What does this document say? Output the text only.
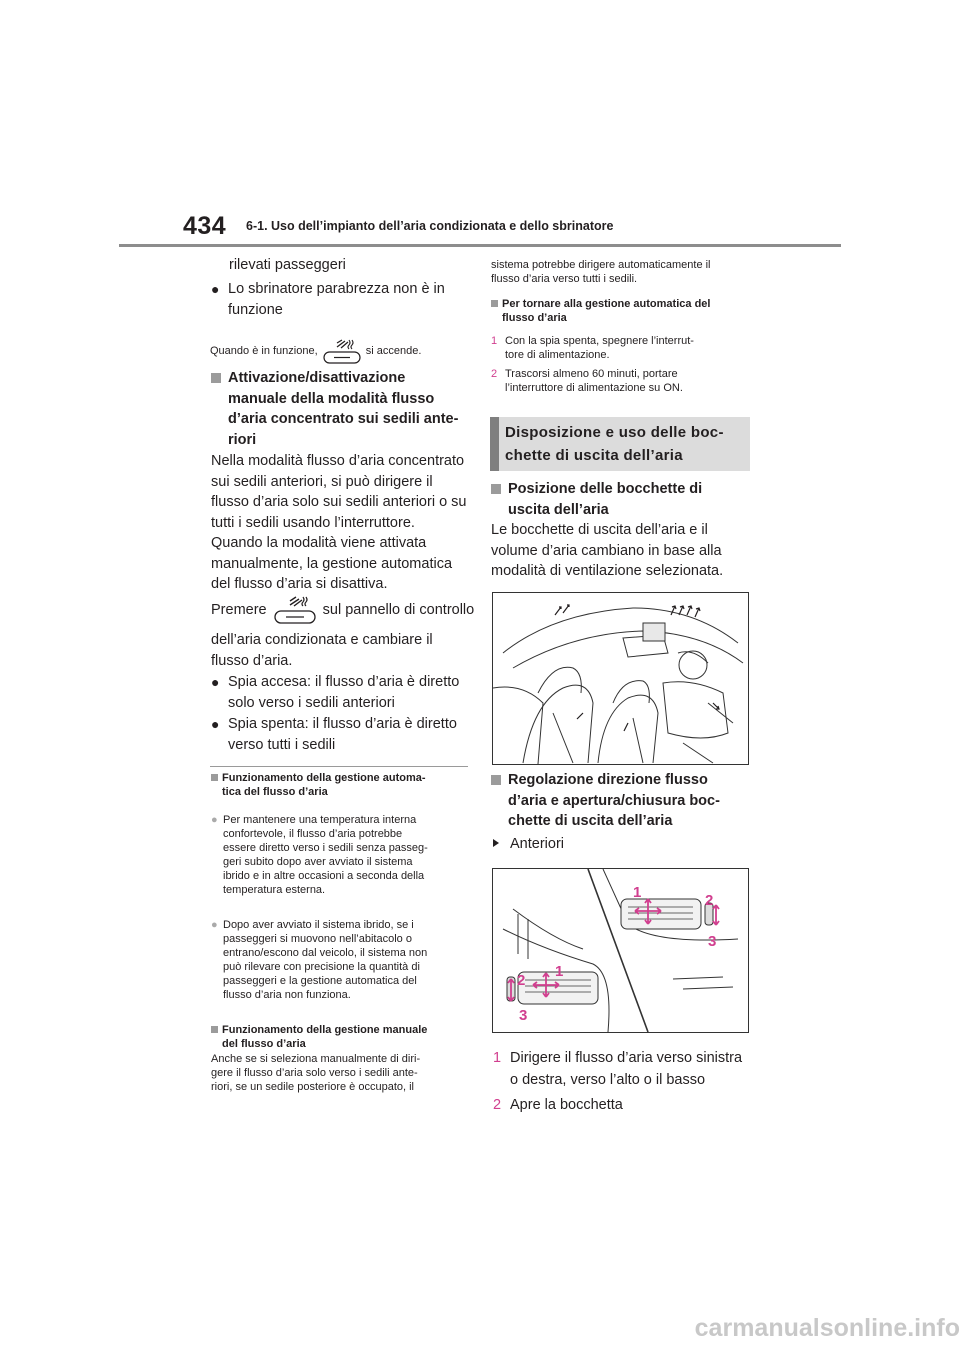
434 6-1. Uso dell’impianto dell’aria condizionata e dello sbrinatore
rilevati passeggeri
● Lo sbrinatore parabrezza non è in
funzione
Quando è in funzione,	si accende.
Attivazione/disattivazione
manuale della modalità flusso
d’aria concentrato sui sedili ante-
riori
Nella modalità flusso d’aria concentrato
sui sedili anteriori, si può dirigere il
flusso d’aria solo sui sedili anteriori o su
tutti i sedili usando l’interruttore.
Quando la modalità viene attivata
manualmente, la gestione automatica
del flusso d’aria si disattiva.
Premere	sul pannello di controllo
dell’aria condizionata e cambiare il
flusso d’aria.
● Spia accesa: il flusso d’aria è diretto
solo verso i sedili anteriori
● Spia spenta: il flusso d’aria è diretto
verso tutti i sedili
Funzionamento della gestione automa-
tica del flusso d’aria
● Per mantenere una temperatura interna
confortevole, il flusso d’aria potrebbe
essere diretto verso i sedili senza passeg-
geri subito dopo aver avviato il sistema
ibrido e in altre occasioni a seconda della
temperatura esterna.
● Dopo aver avviato il sistema ibrido, se i
passeggeri si muovono nell’abitacolo o
entrano/escono dal veicolo, il sistema non
può rilevare con precisione la quantità di
passeggeri e la gestione automatica del
flusso d’aria non funziona.
Funzionamento della gestione manuale
del flusso d’aria
Anche se si seleziona manualmente di diri-
gere il flusso d’aria solo verso i sedili ante-
riori, se un sedile posteriore è occupato, il
sistema potrebbe dirigere automaticamente il
flusso d’aria verso tutti i sedili.
Per tornare alla gestione automatica del
flusso d’aria
1 Con la spia spenta, spegnere l’interrut-
tore di alimentazione.
2 Trascorsi almeno 60 minuti, portare
l’interruttore di alimentazione su ON.
Disposizione e uso delle boc-
chette di uscita dell’aria
Posizione delle bocchette di
uscita dell’aria
Le bocchette di uscita dell’aria e il
volume d’aria cambiano in base alla
modalità di ventilazione selezionata.
Regolazione direzione flusso
d’aria e apertura/chiusura boc-
chette di uscita dell’aria
Anteriori
1	2
3
1
2
3
1 Dirigere il flusso d’aria verso sinistra
o destra, verso l’alto o il basso
2 Apre la bocchetta
carmanualsonline.info
